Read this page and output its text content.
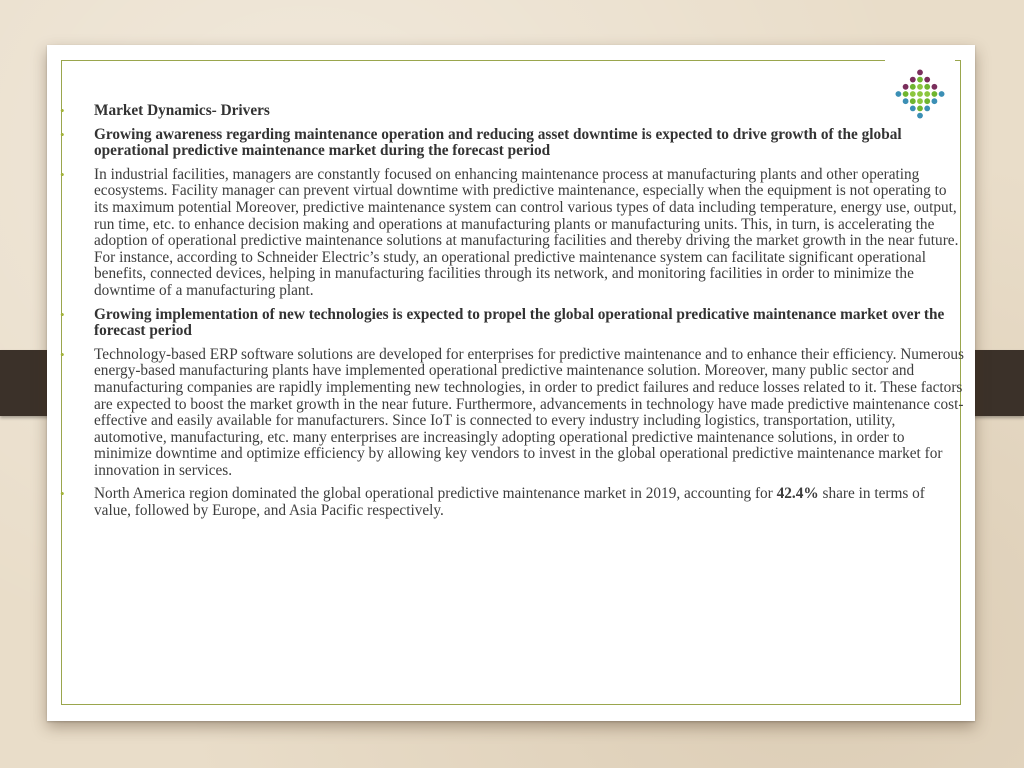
• Market Dynamics- Drivers
• Growing awareness regarding maintenance operation and reducing asset downtime is expected to drive growth of the global operational predictive maintenance market during the forecast period
• In industrial facilities, managers are constantly focused on enhancing maintenance process at manufacturing plants and other operating ecosystems. Facility manager can prevent virtual downtime with predictive maintenance, especially when the equipment is not operating to its maximum potential Moreover, predictive maintenance system can control various types of data including temperature, energy use, output, run time, etc. to enhance decision making and operations at manufacturing plants or manufacturing units. This, in turn, is accelerating the adoption of operational predictive maintenance solutions at manufacturing facilities and thereby driving the market growth in the near future. For instance, according to Schneider Electric’s study, an operational predictive maintenance system can facilitate significant operational benefits, connected devices, helping in manufacturing facilities through its network, and monitoring facilities in order to minimize the downtime of a manufacturing plant.
• Growing implementation of new technologies is expected to propel the global operational predicative maintenance market over the forecast period
• Technology-based ERP software solutions are developed for enterprises for predictive maintenance and to enhance their efficiency. Numerous energy-based manufacturing plants have implemented operational predictive maintenance solution. Moreover, many public sector and manufacturing companies are rapidly implementing new technologies, in order to predict failures and reduce losses related to it. These factors are expected to boost the market growth in the near future. Furthermore, advancements in technology have made predictive maintenance cost-effective and easily available for manufacturers. Since IoT is connected to every industry including logistics, transportation, utility, automotive, manufacturing, etc. many enterprises are increasingly adopting operational predictive maintenance solutions, in order to minimize downtime and optimize efficiency by allowing key vendors to invest in the global operational predictive maintenance market for innovation in services.
• North America region dominated the global operational predictive maintenance market in 2019, accounting for 42.4% share in terms of value, followed by Europe, and Asia Pacific respectively.
